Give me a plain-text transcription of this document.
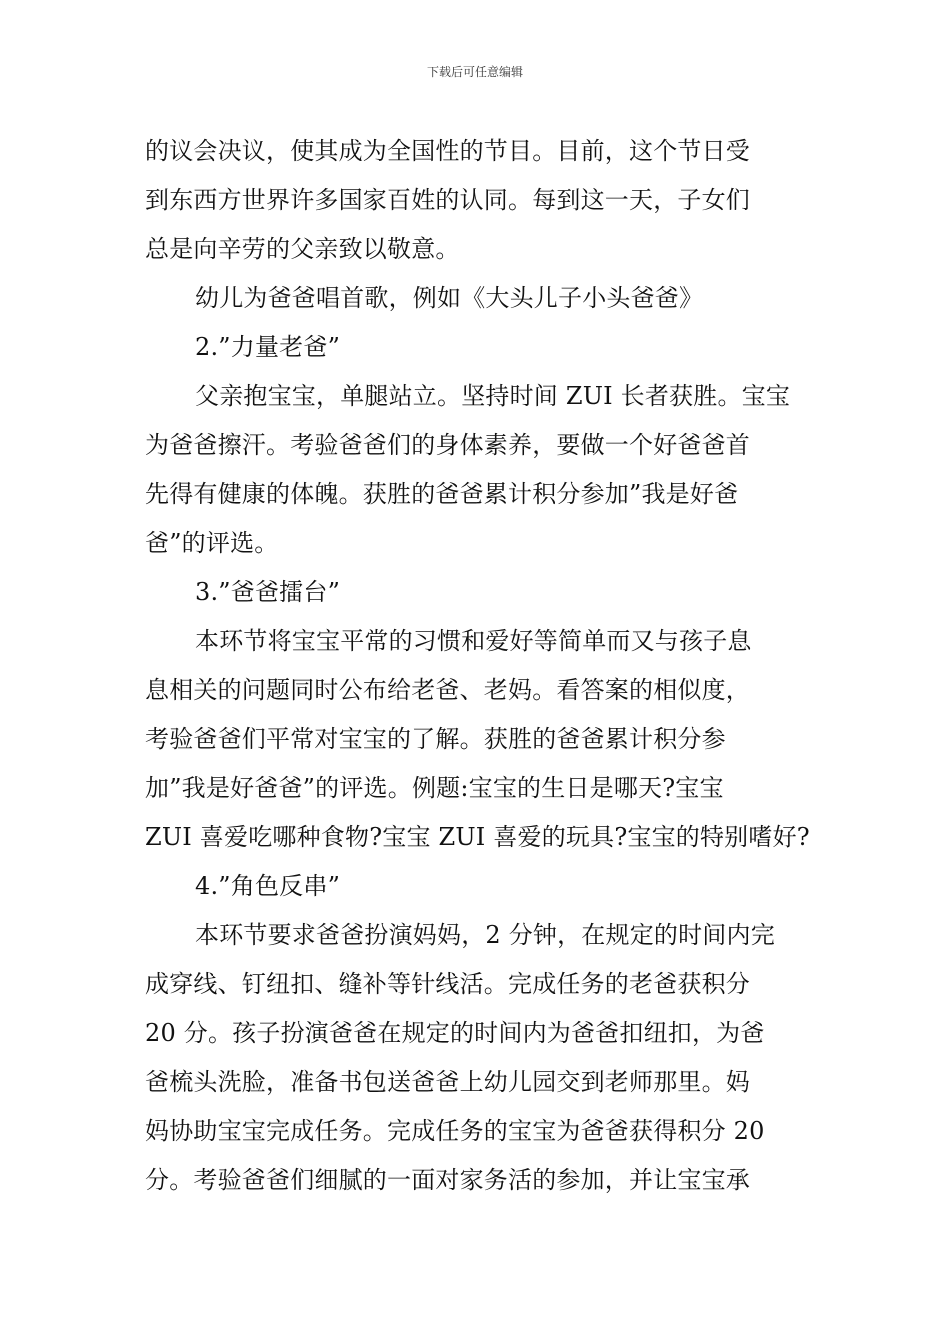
下载后可任意编辑
的议会决议，使其成为全国性的节目。目前，这个节日受
到东西方世界许多国家百姓的认同。每到这一天，子女们
总是向辛劳的父亲致以敬意。
幼儿为爸爸唱首歌，例如《大头儿子小头爸爸》
2.”力量老爸”
父亲抱宝宝，单腿站立。坚持时间 ZUI 长者获胜。宝宝
为爸爸擦汗。考验爸爸们的身体素养，要做一个好爸爸首
先得有健康的体魄。获胜的爸爸累计积分参加”我是好爸
爸”的评选。
3.”爸爸擂台”
本环节将宝宝平常的习惯和爱好等简单而又与孩子息
息相关的问题同时公布给老爸、老妈。看答案的相似度，
考验爸爸们平常对宝宝的了解。获胜的爸爸累计积分参
加”我是好爸爸”的评选。例题:宝宝的生日是哪天?宝宝
ZUI 喜爱吃哪种食物?宝宝 ZUI 喜爱的玩具?宝宝的特别嗜好?
4.”角色反串”
本环节要求爸爸扮演妈妈，2 分钟，在规定的时间内完
成穿线、钉纽扣、缝补等针线活。完成任务的老爸获积分
20 分。孩子扮演爸爸在规定的时间内为爸爸扣纽扣，为爸
爸梳头洗脸，准备书包送爸爸上幼儿园交到老师那里。妈
妈协助宝宝完成任务。完成任务的宝宝为爸爸获得积分 20
分。考验爸爸们细腻的一面对家务活的参加，并让宝宝承
